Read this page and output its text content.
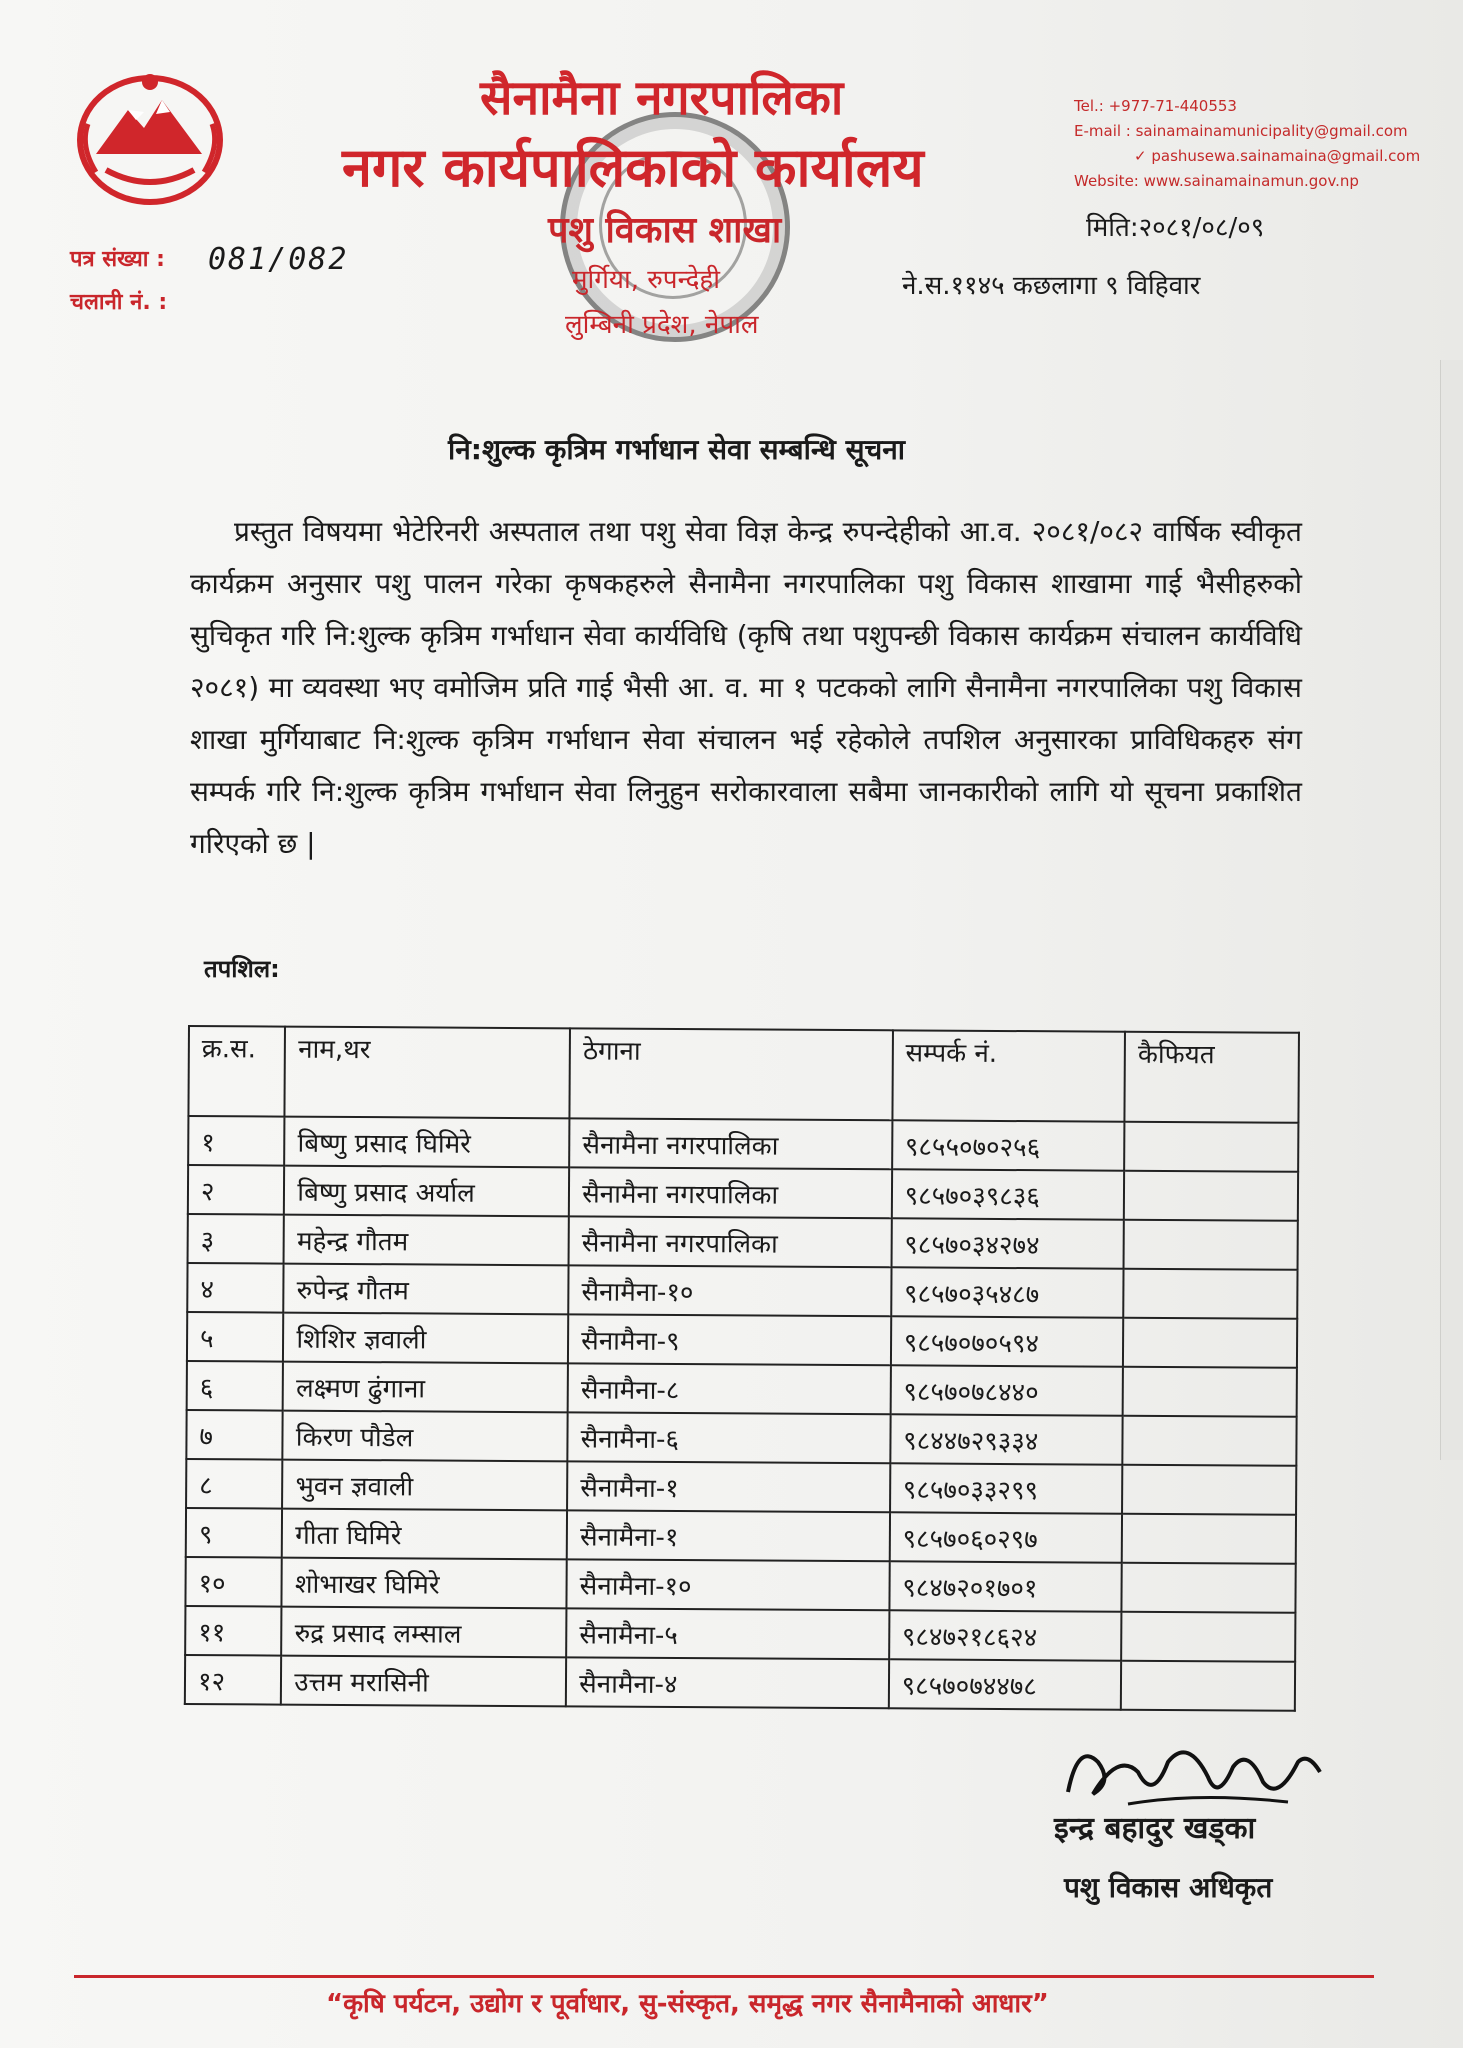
सैनामैना नगरपालिका
नगर कार्यपालिकाको कार्यालय
पशु विकास शाखा
मुर्गिया, रुपन्देही
लुम्बिनी प्रदेश, नेपाल
Tel.: +977-71-440553
E-mail : sainamainamunicipality@gmail.com
✓ pashusewa.sainamaina@gmail.com
Website: www.sainamainamun.gov.np
मिति:२०८१/०८/०९
ने.स.११४५ कछलागा ९ विहिवार
पत्र संख्या : 081/082
चलानी नं. :
नि:शुल्क कृत्रिम गर्भाधान सेवा सम्बन्धि सूचना

प्रस्तुत विषयमा भेटेरिनरी अस्पताल तथा पशु सेवा विज्ञ केन्द्र रुपन्देहीको आ.व. २०८१/०८२ वार्षिक स्वीकृत कार्यक्रम अनुसार पशु पालन गरेका कृषकहरुले सैनामैना नगरपालिका पशु विकास शाखामा गाई भैसीहरुको सुचिकृत गरि नि:शुल्क कृत्रिम गर्भाधान सेवा कार्यविधि (कृषि तथा पशुपन्छी विकास कार्यक्रम संचालन कार्यविधि २०८१) मा व्यवस्था भए वमोजिम प्रति गाई भैसी आ. व. मा १ पटकको लागि सैनामैना नगरपालिका पशु विकास शाखा मुर्गियाबाट नि:शुल्क कृत्रिम गर्भाधान सेवा संचालन भई रहेकोले तपशिल अनुसारका प्राविधिकहरु संग सम्पर्क गरि नि:शुल्क कृत्रिम गर्भाधान सेवा लिनुहुन सरोकारवाला सबैमा जानकारीको लागि यो सूचना प्रकाशित गरिएको छ |

तपशिल:
क्र.स.	नाम,थर	ठेगाना	सम्पर्क नं.	कैफियत
१	बिष्णु प्रसाद घिमिरे	सैनामैना नगरपालिका	९८५५०७०२५६	
२	बिष्णु प्रसाद अर्याल	सैनामैना नगरपालिका	९८५७०३९८३६	
३	महेन्द्र गौतम	सैनामैना नगरपालिका	९८५७०३४२७४	
४	रुपेन्द्र गौतम	सैनामैना-१०	९८५७०३५४८७	
५	शिशिर ज्ञवाली	सैनामैना-९	९८५७०७०५९४	
६	लक्ष्मण ढुंगाना	सैनामैना-८	९८५७०७८४४०	
७	किरण पौडेल	सैनामैना-६	९८४४७२९३३४	
८	भुवन ज्ञवाली	सैनामैना-१	९८५७०३३२९९	
९	गीता घिमिरे	सैनामैना-१	९८५७०६०२९७	
१०	शोभाखर घिमिरे	सैनामैना-१०	९८४७२०१७०१	
११	रुद्र प्रसाद लम्साल	सैनामैना-५	९८४७२१८६२४	
१२	उत्तम मरासिनी	सैनामैना-४	९८५७०७४४७८	
इन्द्र बहादुर खड्का
पशु विकास अधिकृत
“कृषि पर्यटन, उद्योग र पूर्वाधार, सु-संस्कृत, समृद्ध नगर सैनामैनाको आधार”
